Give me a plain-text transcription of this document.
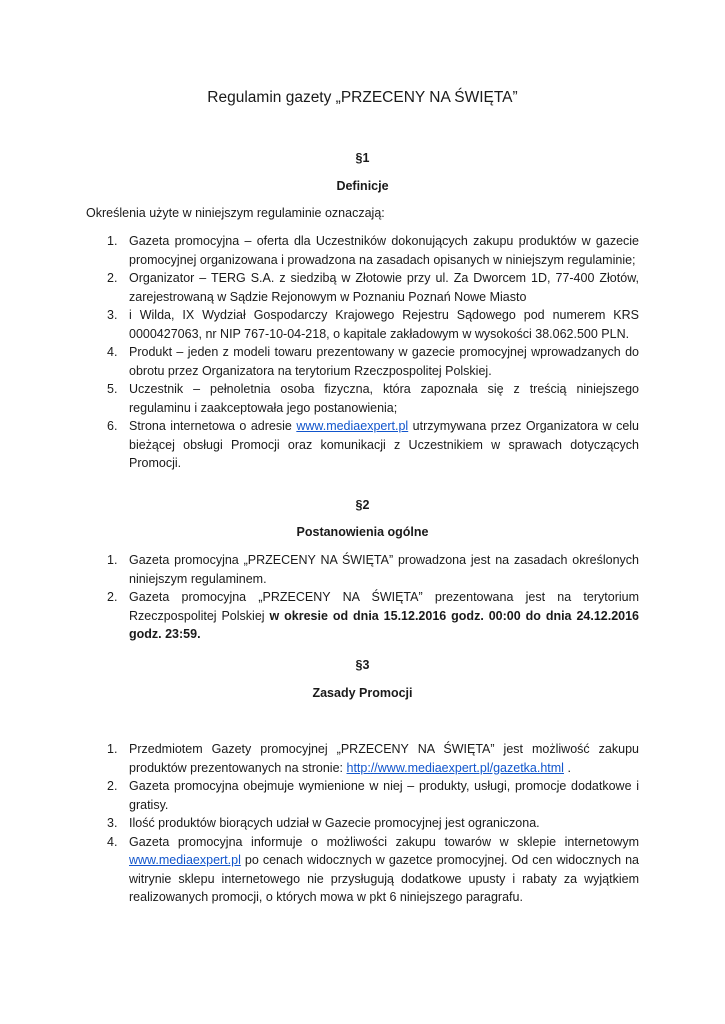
Regulamin gazety „PRZECENY NA ŚWIĘTA”

§1

Definicje

Określenia użyte w niniejszym regulaminie oznaczają:

1. Gazeta promocyjna – oferta dla Uczestników dokonujących zakupu produktów w gazecie promocyjnej organizowana i prowadzona na zasadach opisanych w niniejszym regulaminie;
2. Organizator – TERG S.A. z siedzibą w Złotowie przy ul. Za Dworcem 1D, 77-400 Złotów, zarejestrowaną w Sądzie Rejonowym w Poznaniu Poznań Nowe Miasto
3. i Wilda, IX Wydział Gospodarczy Krajowego Rejestru Sądowego pod numerem KRS 0000427063, nr NIP 767-10-04-218, o kapitale zakładowym w wysokości 38.062.500 PLN.
4. Produkt – jeden z modeli towaru prezentowany w gazecie promocyjnej wprowadzanych do obrotu przez Organizatora na terytorium Rzeczpospolitej Polskiej.
5. Uczestnik – pełnoletnia osoba fizyczna, która zapoznała się z treścią niniejszego regulaminu i zaakceptowała jego postanowienia;
6. Strona internetowa o adresie www.mediaexpert.pl utrzymywana przez Organizatora w celu bieżącej obsługi Promocji oraz komunikacji z Uczestnikiem w sprawach dotyczących Promocji.

§2

Postanowienia ogólne

1. Gazeta promocyjna „PRZECENY NA ŚWIĘTA” prowadzona jest na zasadach określonych niniejszym regulaminem.
2. Gazeta promocyjna „PRZECENY NA ŚWIĘTA” prezentowana jest na terytorium Rzeczpospolitej Polskiej w okresie od dnia 15.12.2016 godz. 00:00 do dnia 24.12.2016 godz. 23:59.

§3

Zasady Promocji

1. Przedmiotem Gazety promocyjnej „PRZECENY NA ŚWIĘTA” jest możliwość zakupu produktów prezentowanych na stronie: http://www.mediaexpert.pl/gazetka.html .
2. Gazeta promocyjna obejmuje wymienione w niej – produkty, usługi, promocje dodatkowe i gratisy.
3. Ilość produktów biorących udział w Gazecie promocyjnej jest ograniczona.
4. Gazeta promocyjna informuje o możliwości zakupu towarów w sklepie internetowym www.mediaexpert.pl po cenach widocznych w gazetce promocyjnej. Od cen widocznych na witrynie sklepu internetowego nie przysługują dodatkowe upusty i rabaty za wyjątkiem realizowanych promocji, o których mowa w pkt 6 niniejszego paragrafu.
